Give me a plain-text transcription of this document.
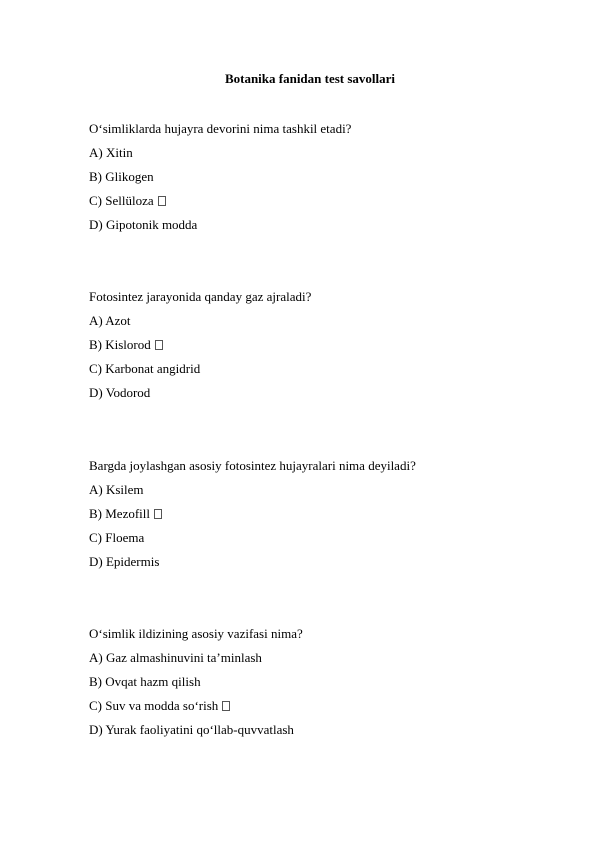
Botanika fanidan test savollari
O‘simliklarda hujayra devorini nima tashkil etadi?
A) Xitin
B) Glikogen
C) Sellüloza
D) Gipotonik modda
Fotosintez jarayonida qanday gaz ajraladi?
A) Azot
B) Kislorod
C) Karbonat angidrid
D) Vodorod
Bargda joylashgan asosiy fotosintez hujayralari nima deyiladi?
A) Ksilem
B) Mezofill
C) Floema
D) Epidermis
O‘simlik ildizining asosiy vazifasi nima?
A) Gaz almashinuvini ta’minlash
B) Ovqat hazm qilish
C) Suv va modda so‘rish
D) Yurak faoliyatini qo‘llab-quvvatlash
